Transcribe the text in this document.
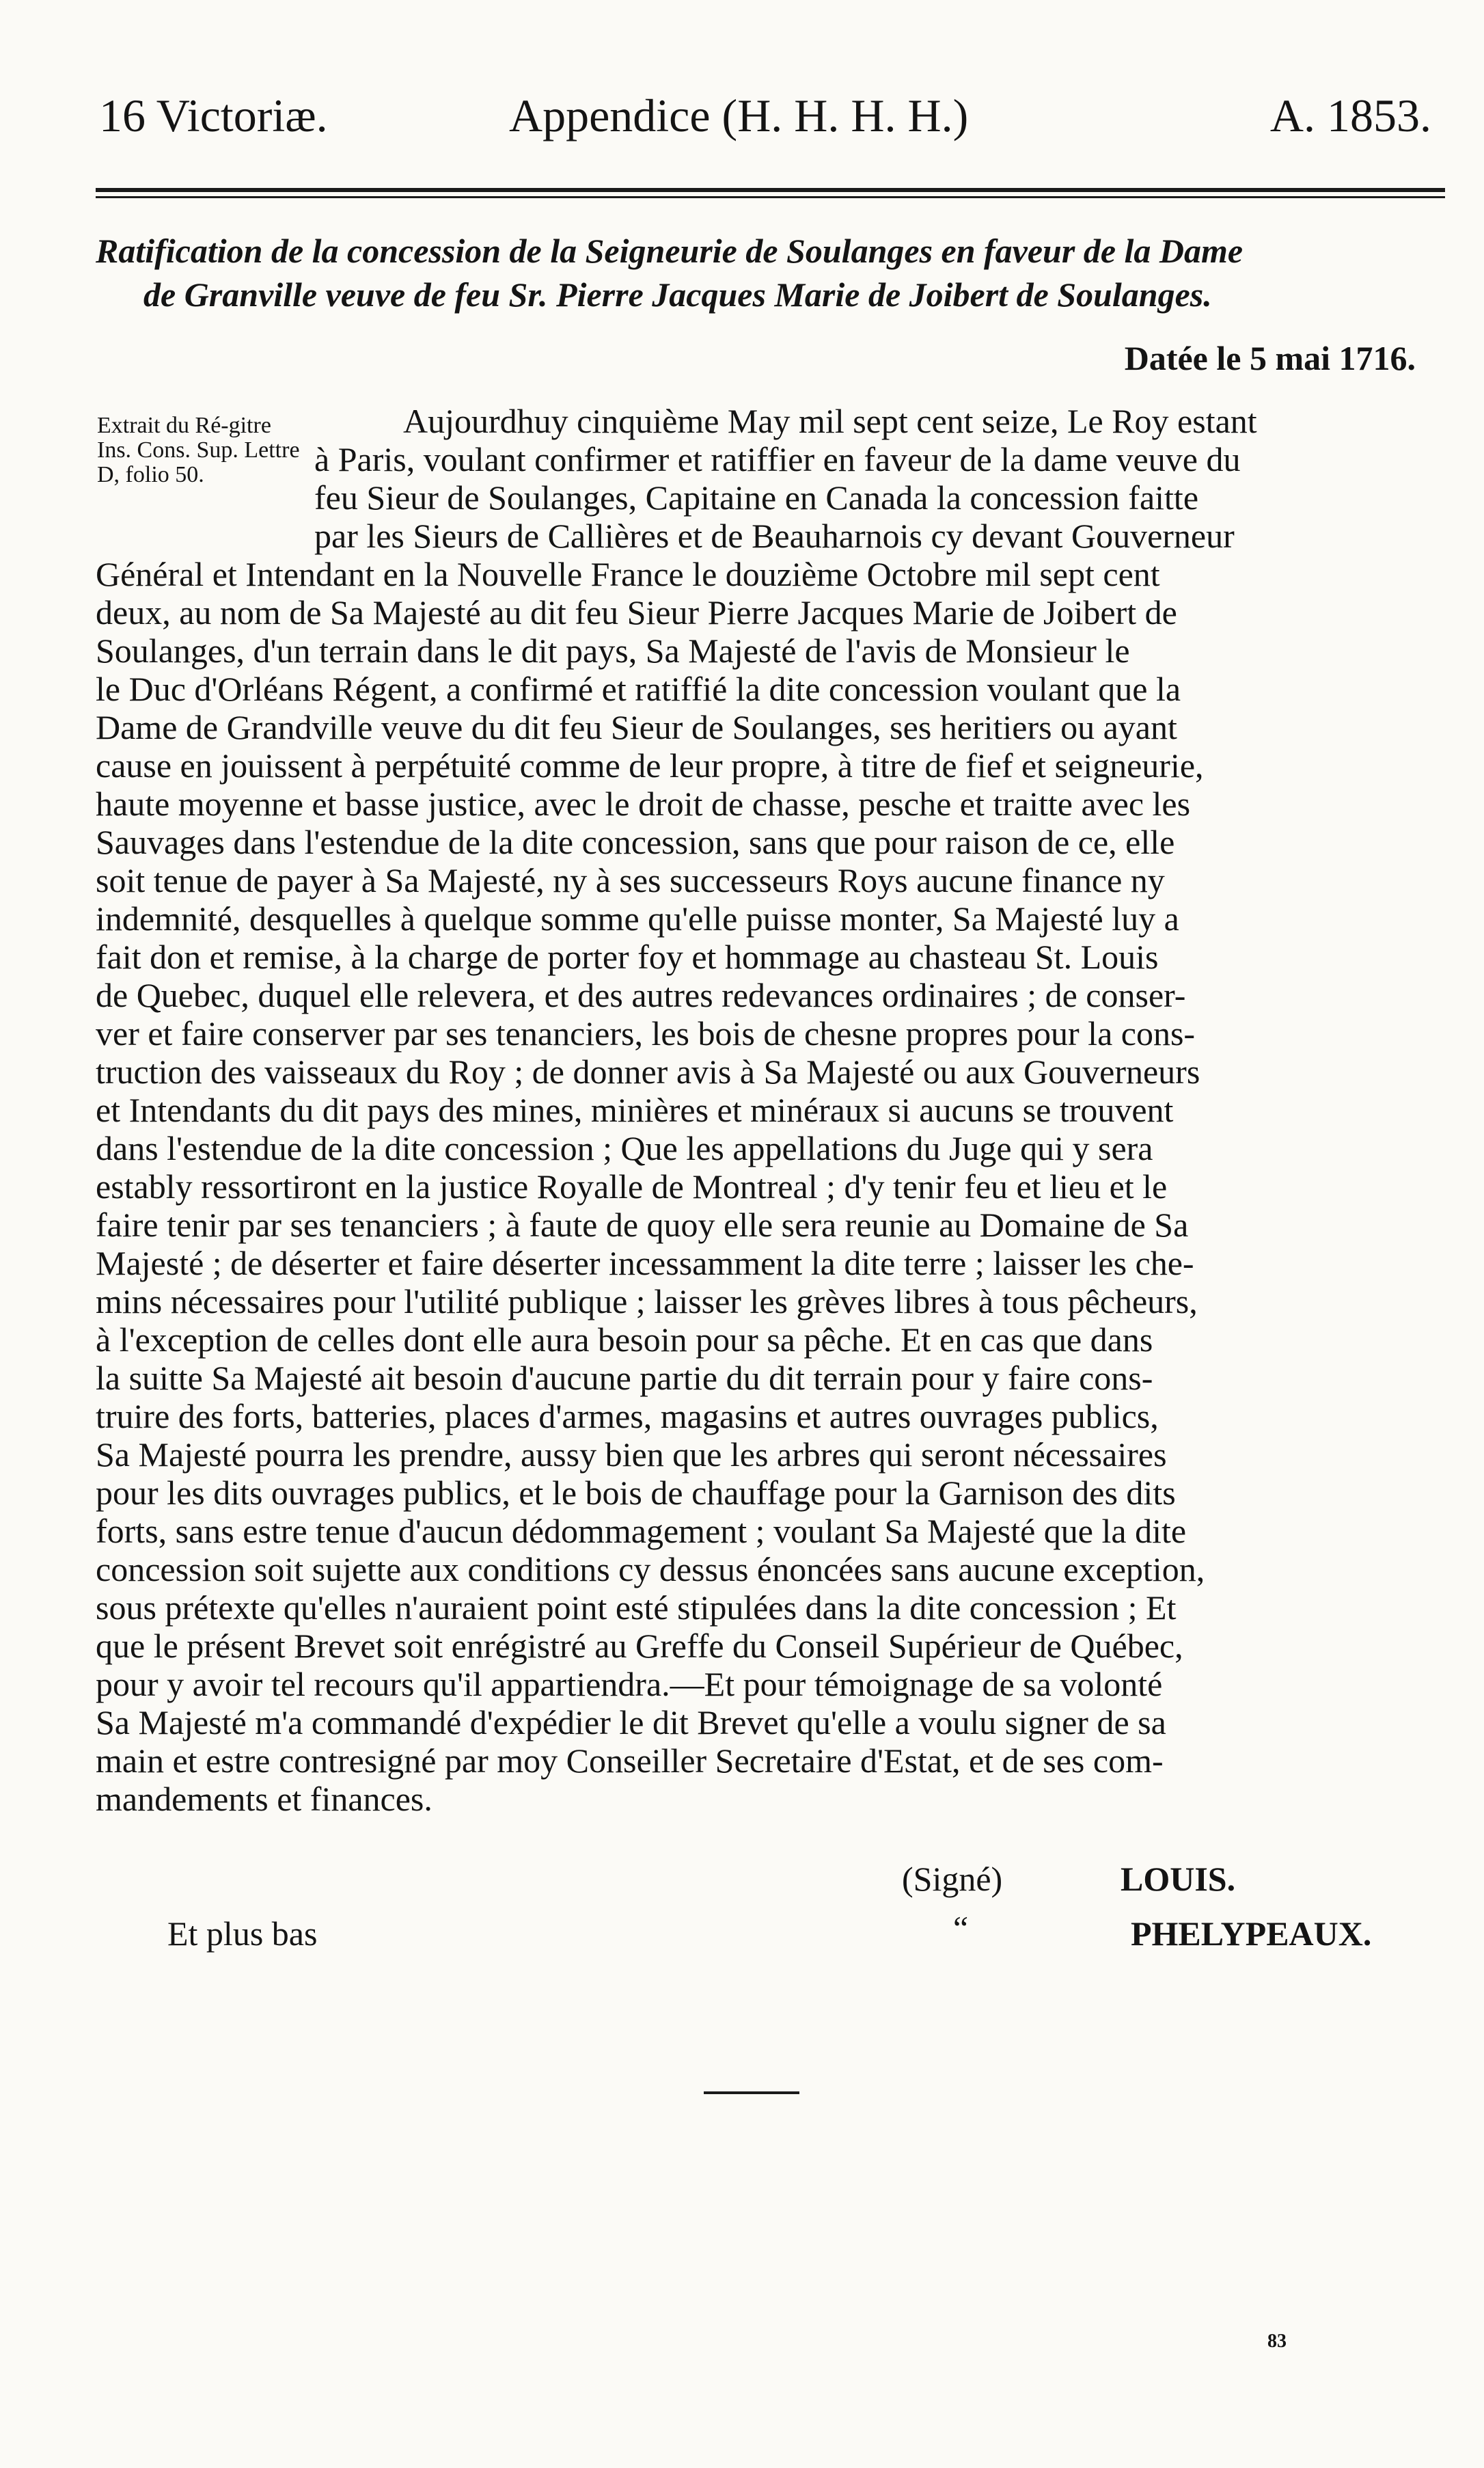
16 Victoriæ.	Appendice (H. H. H. H.)	A. 1853.
Ratification de la concession de la Seigneurie de Soulanges en faveur de la Dame
de Granville veuve de feu Sr. Pierre Jacques Marie de Joibert de Soulanges.
Datée le 5 mai 1716.
Extrait du Ré-gitre Ins. Cons. Sup. Lettre D, folio 50.
Aujourdhuy cinquième May mil sept cent seize, Le Roy estant
à Paris, voulant confirmer et ratiffier en faveur de la dame veuve du
feu Sieur de Soulanges, Capitaine en Canada la concession faitte
par les Sieurs de Callières et de Beauharnois cy devant Gouverneur
Général et Intendant en la Nouvelle France le douzième Octobre mil sept cent
deux, au nom de Sa Majesté au dit feu Sieur Pierre Jacques Marie de Joibert de
Soulanges, d'un terrain dans le dit pays, Sa Majesté de l'avis de Monsieur le
le Duc d'Orléans Régent, a confirmé et ratiffié la dite concession voulant que la
Dame de Grandville veuve du dit feu Sieur de Soulanges, ses heritiers ou ayant
cause en jouissent à perpétuité comme de leur propre, à titre de fief et seigneurie,
haute moyenne et basse justice, avec le droit de chasse, pesche et traitte avec les
Sauvages dans l'estendue de la dite concession, sans que pour raison de ce, elle
soit tenue de payer à Sa Majesté, ny à ses successeurs Roys aucune finance ny
indemnité, desquelles à quelque somme qu'elle puisse monter, Sa Majesté luy a
fait don et remise, à la charge de porter foy et hommage au chasteau St. Louis
de Quebec, duquel elle relevera, et des autres redevances ordinaires ; de conser-
ver et faire conserver par ses tenanciers, les bois de chesne propres pour la cons-
truction des vaisseaux du Roy ; de donner avis à Sa Majesté ou aux Gouverneurs
et Intendants du dit pays des mines, minières et minéraux si aucuns se trouvent
dans l'estendue de la dite concession ; Que les appellations du Juge qui y sera
estably ressortiront en la justice Royalle de Montreal ; d'y tenir feu et lieu et le
faire tenir par ses tenanciers ; à faute de quoy elle sera reunie au Domaine de Sa
Majesté ; de déserter et faire déserter incessamment la dite terre ; laisser les che-
mins nécessaires pour l'utilité publique ; laisser les grèves libres à tous pêcheurs,
à l'exception de celles dont elle aura besoin pour sa pêche. Et en cas que dans
la suitte Sa Majesté ait besoin d'aucune partie du dit terrain pour y faire cons-
truire des forts, batteries, places d'armes, magasins et autres ouvrages publics,
Sa Majesté pourra les prendre, aussy bien que les arbres qui seront nécessaires
pour les dits ouvrages publics, et le bois de chauffage pour la Garnison des dits
forts, sans estre tenue d'aucun dédommagement ; voulant Sa Majesté que la dite
concession soit sujette aux conditions cy dessus énoncées sans aucune exception,
sous prétexte qu'elles n'auraient point esté stipulées dans la dite concession ; Et
que le présent Brevet soit enrégistré au Greffe du Conseil Supérieur de Québec,
pour y avoir tel recours qu'il appartiendra.—Et pour témoignage de sa volonté
Sa Majesté m'a commandé d'expédier le dit Brevet qu'elle a voulu signer de sa
main et estre contresigné par moy Conseiller Secretaire d'Estat, et de ses com-
mandements et finances.
(Signé)	LOUIS.
Et plus bas	“	PHELYPEAUX.
83
